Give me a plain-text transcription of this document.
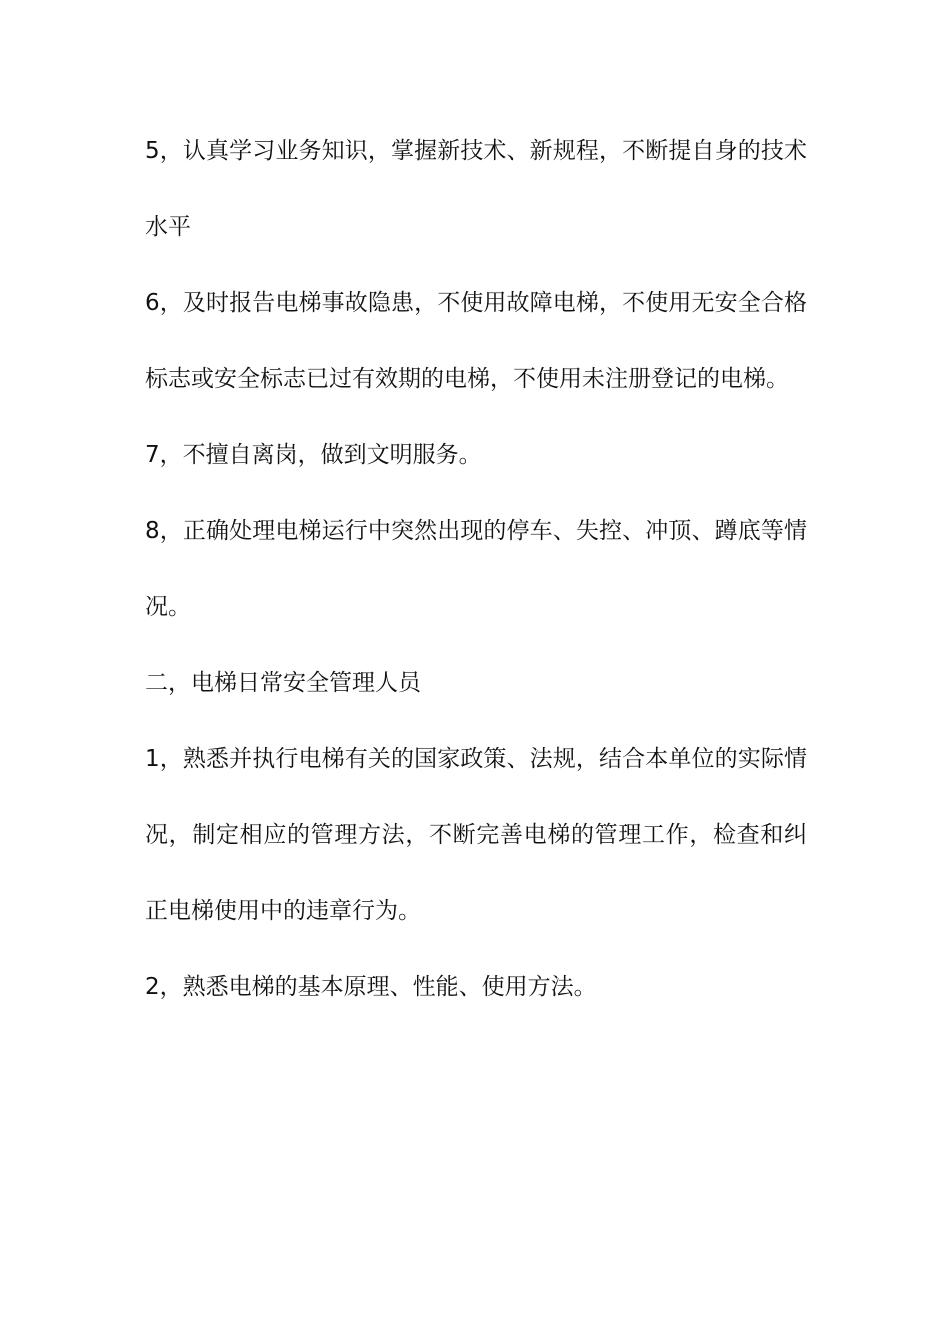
5，认真学习业务知识，掌握新技术、新规程，不断提自身的技术水平

6，及时报告电梯事故隐患，不使用故障电梯，不使用无安全合格标志或安全标志已过有效期的电梯，不使用未注册登记的电梯。

7，不擅自离岗，做到文明服务。

8，正确处理电梯运行中突然出现的停车、失控、冲顶、蹲底等情况。

二，电梯日常安全管理人员

1，熟悉并执行电梯有关的国家政策、法规，结合本单位的实际情况，制定相应的管理方法，不断完善电梯的管理工作，检查和纠正电梯使用中的违章行为。

2，熟悉电梯的基本原理、性能、使用方法。
